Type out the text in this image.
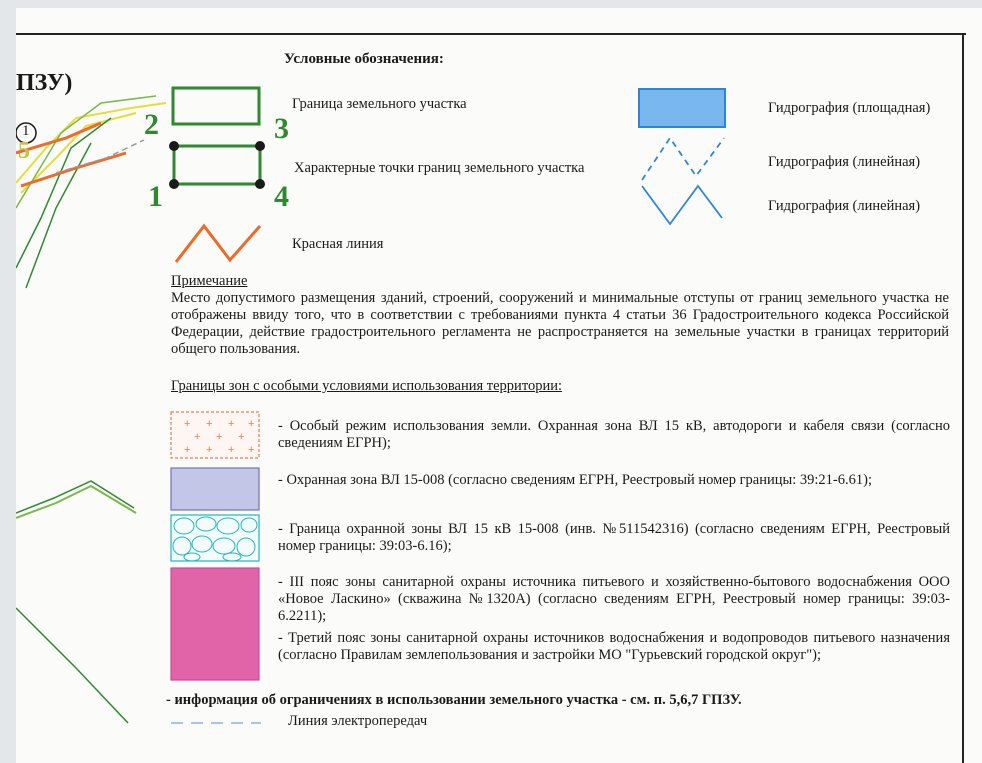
ПЗУ)
1
5
Условные обозначения:
Граница земельного участка
2	3
1	4
Характерные точки границ земельного участка
Красная линия
Гидрография (площадная)
Гидрография (линейная)
Гидрография (линейная)
Примечание
Место допустимого размещения зданий, строений, сооружений и минимальные отступы от границ земельного участка не отображены ввиду того, что в соответствии с требованиями пункта 4 статьи 36 Градостроительного кодекса Российской Федерации, действие градостроительного регламента не распространяется на земельные участки в границах территорий общего пользования.
Границы зон с особыми условиями использования территории:
+ + + +
+ + +
+ + + +
- Особый режим использования земли. Охранная зона ВЛ 15 кВ, автодороги и кабеля связи (согласно сведениям ЕГРН);
- Охранная зона ВЛ 15-008 (согласно сведениям ЕГРН, Реестровый номер границы: 39:21-6.61);
- Граница охранной зоны ВЛ 15 кВ 15-008 (инв. №511542316) (согласно сведениям ЕГРН, Реестровый номер границы: 39:03-6.16);
- III пояс зоны санитарной охраны источника питьевого и хозяйственно-бытового водоснабжения ООО «Новое Ласкино» (скважина №1320А) (согласно сведениям ЕГРН, Реестровый номер границы: 39:03-6.2211);
- Третий пояс зоны санитарной охраны источников водоснабжения и водопроводов питьевого назначения (согласно Правилам землепользования и застройки МО "Гурьевский городской округ");
- информация об ограничениях в использовании земельного участка - см. п. 5,6,7 ГПЗУ.
Линия электропередач
